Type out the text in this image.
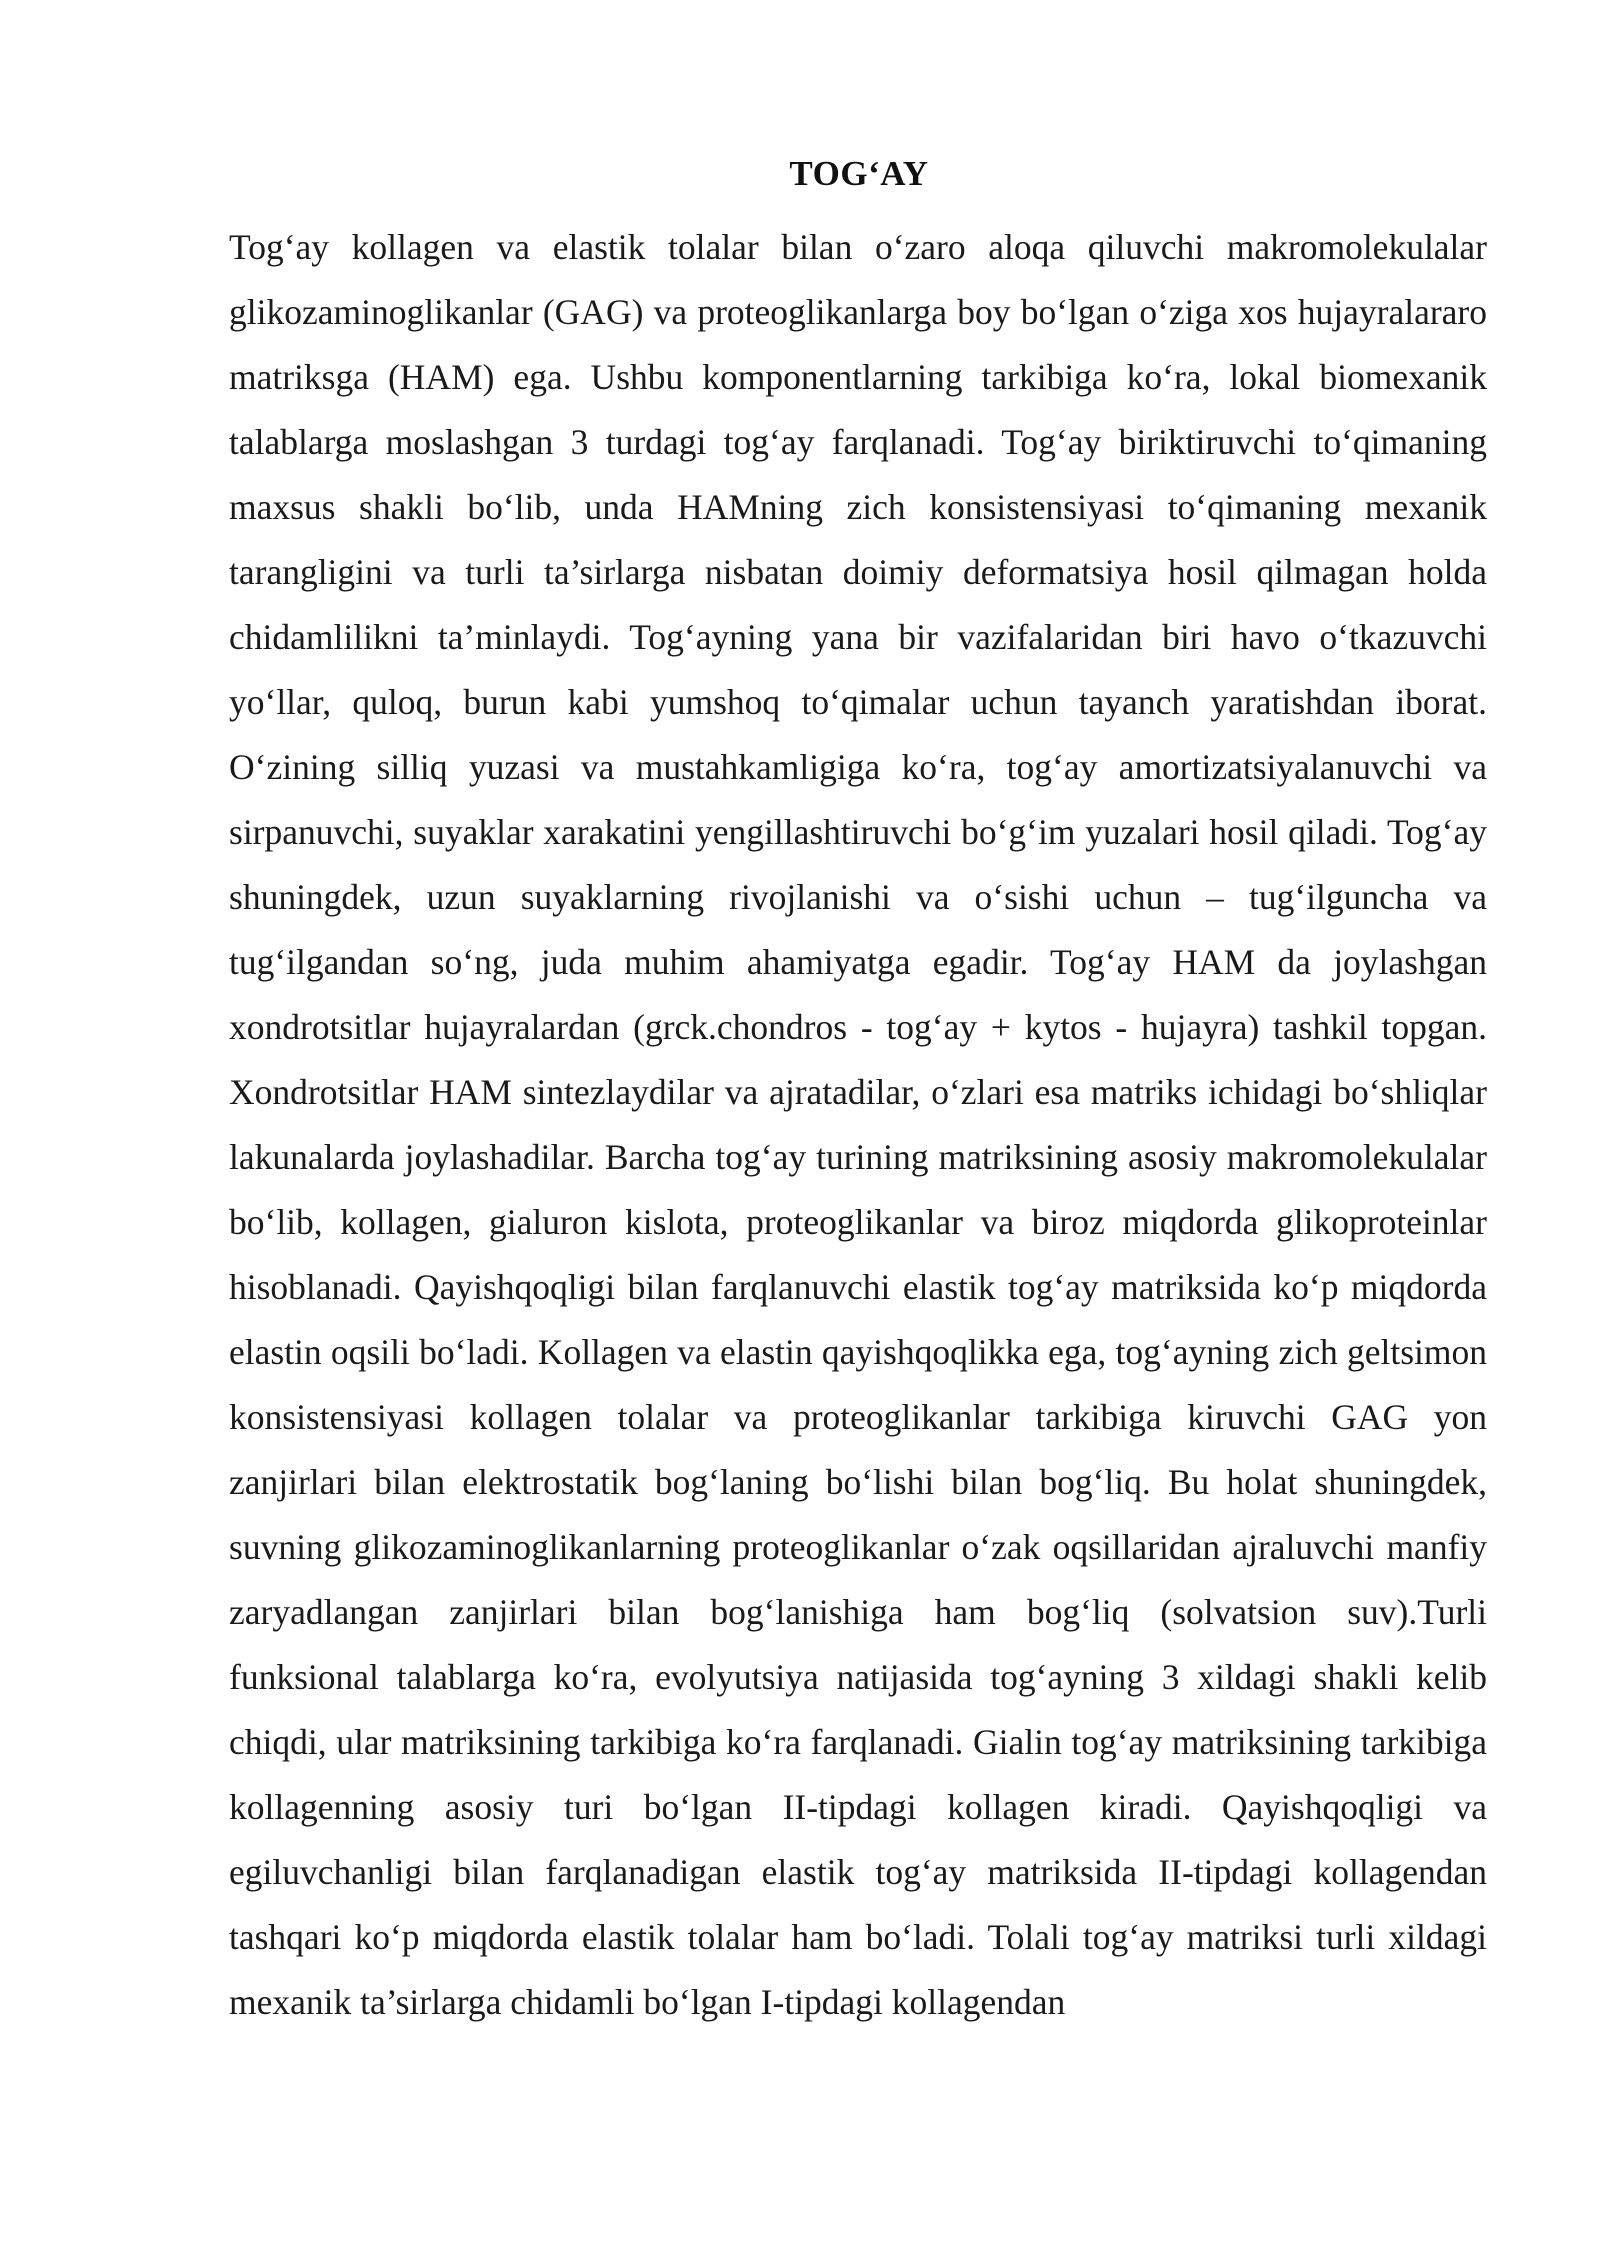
TOG‘AY

Tog‘ay kollagen va elastik tolalar bilan o‘zaro aloqa qiluvchi makromolekulalar glikozaminoglikanlar (GAG) va proteoglikanlarga boy bo‘lgan o‘ziga xos hujayralararo matriksga (HAM) ega. Ushbu komponentlarning tarkibiga ko‘ra, lokal biomexanik talablarga moslashgan 3 turdagi tog‘ay farqlanadi. Tog‘ay biriktiruvchi to‘qimaning maxsus shakli bo‘lib, unda HAMning zich konsistensiyasi to‘qimaning mexanik tarangligini va turli ta’sirlarga nisbatan doimiy deformatsiya hosil qilmagan holda chidamlilikni ta’minlaydi. Tog‘ayning yana bir vazifalaridan biri havo o‘tkazuvchi yo‘llar, quloq, burun kabi yumshoq to‘qimalar uchun tayanch yaratishdan iborat. O‘zining silliq yuzasi va mustahkamligiga ko‘ra, tog‘ay amortizatsiyalanuvchi va sirpanuvchi, suyaklar xarakatini yengillashtiruvchi bo‘g‘im yuzalari hosil qiladi. Tog‘ay shuningdek, uzun suyaklarning rivojlanishi va o‘sishi uchun – tug‘ilguncha va tug‘ilgandan so‘ng, juda muhim ahamiyatga egadir. Tog‘ay HAM da joylashgan xondrotsitlar hujayralardan (grck.chondros - tog‘ay + kytos - hujayra) tashkil topgan. Xondrotsitlar HAM sintezlaydilar va ajratadilar, o‘zlari esa matriks ichidagi bo‘shliqlar lakunalarda joylashadilar. Barcha tog‘ay turining matriksining asosiy makromolekulalar bo‘lib, kollagen, gialuron kislota, proteoglikanlar va biroz miqdorda glikoproteinlar hisoblanadi. Qayishqoqligi bilan farqlanuvchi elastik tog‘ay matriksida ko‘p miqdorda elastin oqsili bo‘ladi. Kollagen va elastin qayishqoqlikka ega, tog‘ayning zich geltsimon konsistensiyasi kollagen tolalar va proteoglikanlar tarkibiga kiruvchi GAG yon zanjirlari bilan elektrostatik bog‘laning bo‘lishi bilan bog‘liq. Bu holat shuningdek, suvning glikozaminoglikanlarning proteoglikanlar o‘zak oqsillaridan ajraluvchi manfiy zaryadlangan zanjirlari bilan bog‘lanishiga ham bog‘liq (solvatsion suv).Turli funksional talablarga ko‘ra, evolyutsiya natijasida tog‘ayning 3 xildagi shakli kelib chiqdi, ular matriksining tarkibiga ko‘ra farqlanadi. Gialin tog‘ay matriksining tarkibiga kollagenning asosiy turi bo‘lgan II-tipdagi kollagen kiradi. Qayishqoqligi va egiluvchanligi bilan farqlanadigan elastik tog‘ay matriksida II-tipdagi kollagendan tashqari ko‘p miqdorda elastik tolalar ham bo‘ladi. Tolali tog‘ay matriksi turli xildagi mexanik ta’sirlarga chidamli bo‘lgan I-tipdagi kollagendan
